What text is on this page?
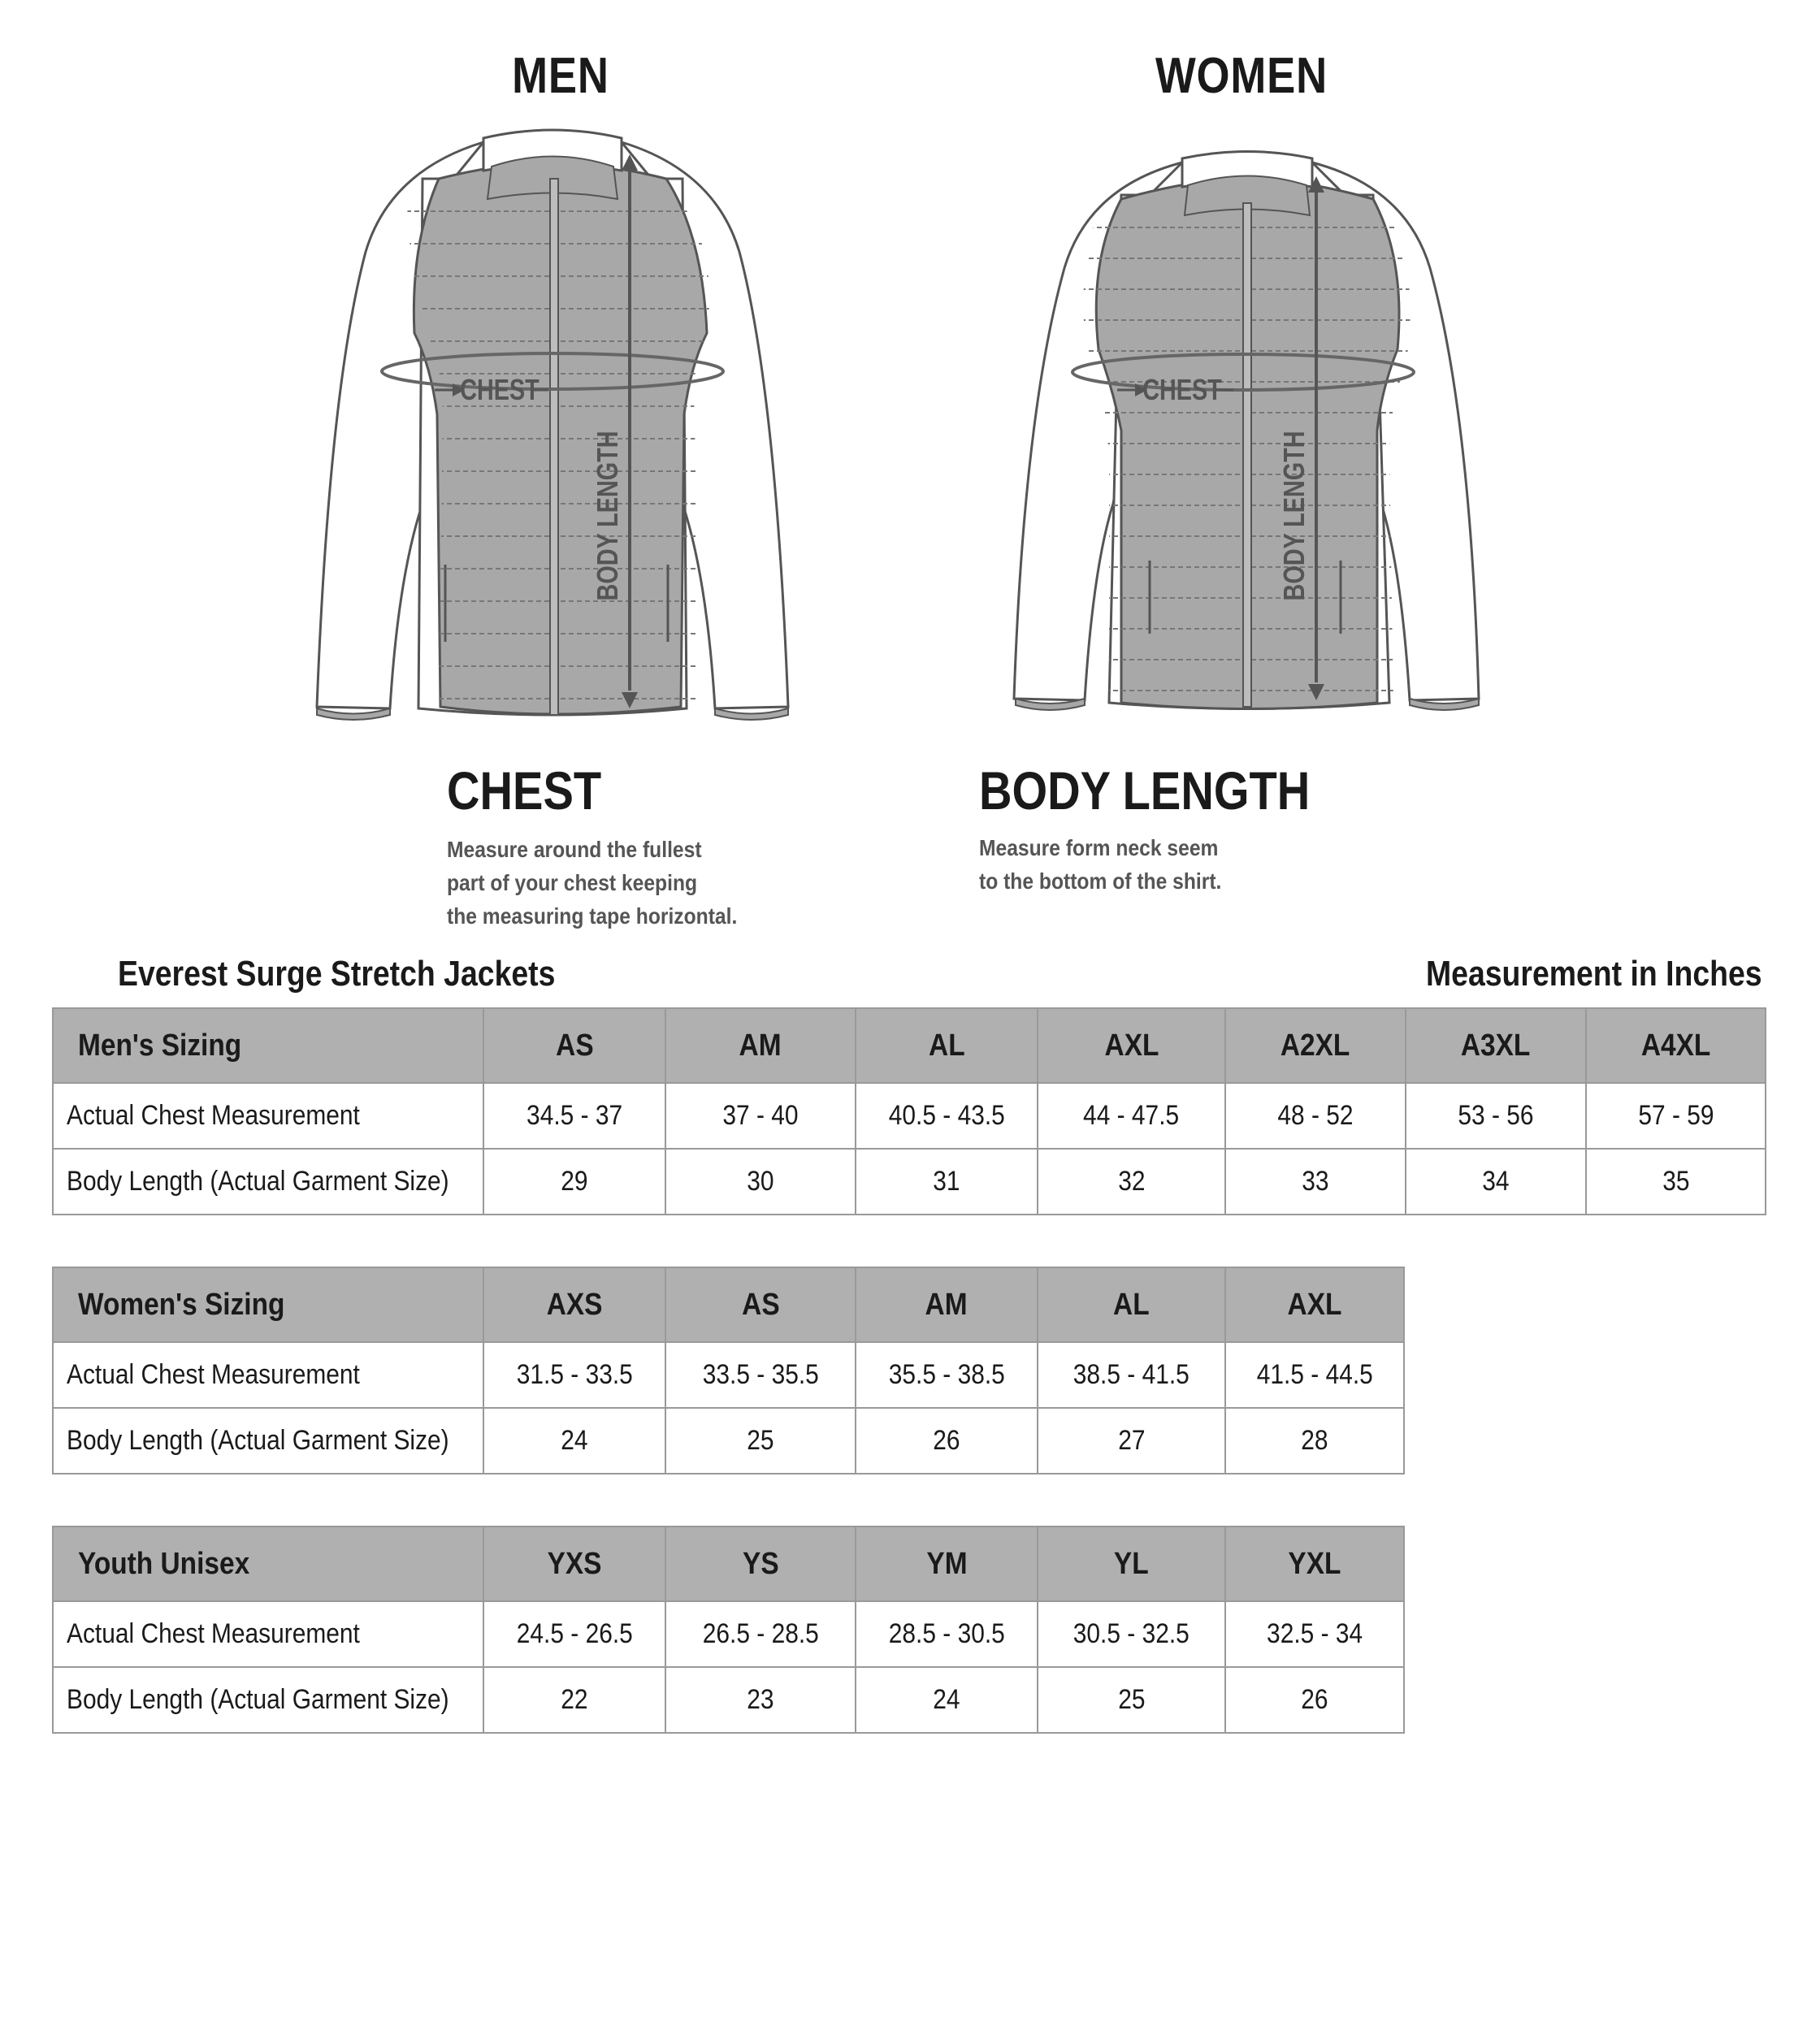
MEN	WOMEN
CHEST
BODY LENGTH
CHEST
BODY LENGTH
CHEST
Measure around the fullest
part of your chest keeping
the measuring tape horizontal.
BODY LENGTH
Measure form neck seem
to the bottom of the shirt.
Everest Surge Stretch Jackets	Measurement in Inches
Men's Sizing	AS	AM	AL	AXL	A2XL	A3XL	A4XL
Actual Chest Measurement	34.5 - 37	37 - 40	40.5 - 43.5	44 - 47.5	48 - 52	53 - 56	57 - 59
Body Length (Actual Garment Size)	29	30	31	32	33	34	35
Women's Sizing	AXS	AS	AM	AL	AXL
Actual Chest Measurement	31.5 - 33.5	33.5 - 35.5	35.5 - 38.5	38.5 - 41.5	41.5 - 44.5
Body Length (Actual Garment Size)	24	25	26	27	28
Youth Unisex	YXS	YS	YM	YL	YXL
Actual Chest Measurement	24.5 - 26.5	26.5 - 28.5	28.5 - 30.5	30.5 - 32.5	32.5 - 34
Body Length (Actual Garment Size)	22	23	24	25	26
